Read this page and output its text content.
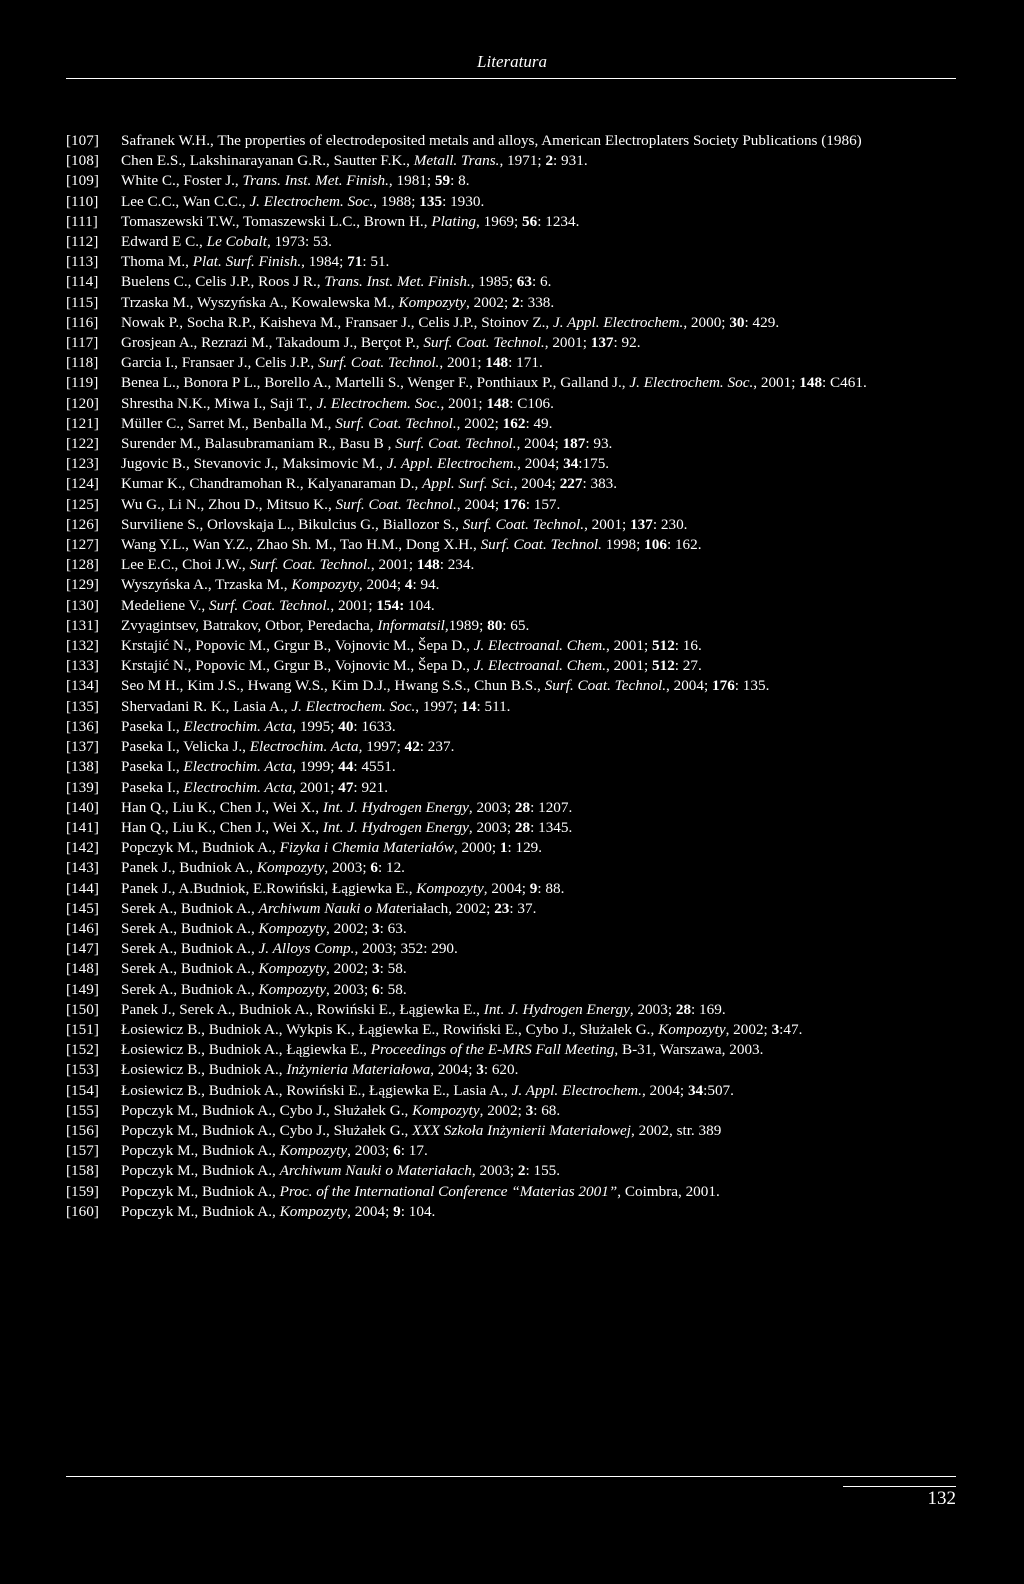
Literatura

[107] Safranek W.H., The properties of electrodeposited metals and alloys, American Electroplaters Society Publications (1986)

[108] Chen E.S., Lakshinarayanan G.R., Sautter F.K., Metall. Trans., 1971; 2: 931.

[109] White C., Foster J., Trans. Inst. Met. Finish., 1981; 59: 8.

[110] Lee C.C., Wan C.C., J. Electrochem. Soc., 1988; 135: 1930.

[111] Tomaszewski T.W., Tomaszewski L.C., Brown H., Plating, 1969; 56: 1234.

[112] Edward E C., Le Cobalt, 1973: 53.

[113] Thoma M., Plat. Surf. Finish., 1984; 71: 51.

[114] Buelens C., Celis J.P., Roos J R., Trans. Inst. Met. Finish., 1985; 63: 6.

[115] Trzaska M., Wyszyńska A., Kowalewska M., Kompozyty, 2002; 2: 338.

[116] Nowak P., Socha R.P., Kaisheva M., Fransaer J., Celis J.P., Stoinov Z., J. Appl. Electrochem., 2000; 30: 429.

[117] Grosjean A., Rezrazi M., Takadoum J., Berçot P., Surf. Coat. Technol., 2001; 137: 92.

[118] Garcia I., Fransaer J., Celis J.P., Surf. Coat. Technol., 2001; 148: 171.

[119] Benea L., Bonora P L., Borello A., Martelli S., Wenger F., Ponthiaux P., Galland J., J. Electrochem. Soc., 2001; 148: C461.

[120] Shrestha N.K., Miwa I., Saji T., J. Electrochem. Soc., 2001; 148: C106.

[121] Müller C., Sarret M., Benballa M., Surf. Coat. Technol., 2002; 162: 49.

[122] Surender M., Balasubramaniam R., Basu B , Surf. Coat. Technol., 2004; 187: 93.

[123] Jugovic B., Stevanovic J., Maksimovic M., J. Appl. Electrochem., 2004; 34:175.

[124] Kumar K., Chandramohan R., Kalyanaraman D., Appl. Surf. Sci., 2004; 227: 383.

[125] Wu G., Li N., Zhou D., Mitsuo K., Surf. Coat. Technol., 2004; 176: 157.

[126] Surviliene S., Orlovskaja L., Bikulcius G., Biallozor S., Surf. Coat. Technol., 2001; 137: 230.

[127] Wang Y.L., Wan Y.Z., Zhao Sh. M., Tao H.M., Dong X.H., Surf. Coat. Technol. 1998; 106: 162.

[128] Lee E.C., Choi J.W., Surf. Coat. Technol., 2001; 148: 234.

[129] Wyszyńska A., Trzaska M., Kompozyty, 2004; 4: 94.

[130] Medeliene V., Surf. Coat. Technol., 2001; 154: 104.

[131] Zvyagintsev, Batrakov, Otbor, Peredacha, Informatsil,1989; 80: 65.

[132] Krstajić N., Popovic M., Grgur B., Vojnovic M., Šepa D., J. Electroanal. Chem., 2001; 512: 16.

[133] Krstajić N., Popovic M., Grgur B., Vojnovic M., Šepa D., J. Electroanal. Chem., 2001; 512: 27.

[134] Seo M H., Kim J.S., Hwang W.S., Kim D.J., Hwang S.S., Chun B.S., Surf. Coat. Technol., 2004; 176: 135.

[135] Shervadani R. K., Lasia A., J. Electrochem. Soc., 1997; 14: 511.

[136] Paseka I., Electrochim. Acta, 1995; 40: 1633.

[137] Paseka I., Velicka J., Electrochim. Acta, 1997; 42: 237.

[138] Paseka I., Electrochim. Acta, 1999; 44: 4551.

[139] Paseka I., Electrochim. Acta, 2001; 47: 921.

[140] Han Q., Liu K., Chen J., Wei X., Int. J. Hydrogen Energy, 2003; 28: 1207.

[141] Han Q., Liu K., Chen J., Wei X., Int. J. Hydrogen Energy, 2003; 28: 1345.

[142] Popczyk M., Budniok A., Fizyka i Chemia Materiałów, 2000; 1: 129.

[143] Panek J., Budniok A., Kompozyty, 2003; 6: 12.

[144] Panek J., A.Budniok, E.Rowiński, Łągiewka E., Kompozyty, 2004; 9: 88.

[145] Serek A., Budniok A., Archiwum Nauki o Materiałach, 2002; 23: 37.

[146] Serek A., Budniok A., Kompozyty, 2002; 3: 63.

[147] Serek A., Budniok A., J. Alloys Comp., 2003; 352: 290.

[148] Serek A., Budniok A., Kompozyty, 2002; 3: 58.

[149] Serek A., Budniok A., Kompozyty, 2003; 6: 58.

[150] Panek J., Serek A., Budniok A., Rowiński E., Łągiewka E., Int. J. Hydrogen Energy, 2003; 28: 169.

[151] Łosiewicz B., Budniok A., Wykpis K., Łągiewka E., Rowiński E., Cybo J., Służałek G., Kompozyty, 2002; 3:47.

[152] Łosiewicz B., Budniok A., Łągiewka E., Proceedings of the E-MRS Fall Meeting, B-31, Warszawa, 2003.

[153] Łosiewicz B., Budniok A., Inżynieria Materiałowa, 2004; 3: 620.

[154] Łosiewicz B., Budniok A., Rowiński E., Łągiewka E., Lasia A., J. Appl. Electrochem., 2004; 34:507.

[155] Popczyk M., Budniok A., Cybo J., Służałek G., Kompozyty, 2002; 3: 68.

[156] Popczyk M., Budniok A., Cybo J., Służałek G., XXX Szkoła Inżynierii Materiałowej, 2002, str. 389

[157] Popczyk M., Budniok A., Kompozyty, 2003; 6: 17.

[158] Popczyk M., Budniok A., Archiwum Nauki o Materiałach, 2003; 2: 155.

[159] Popczyk M., Budniok A., Proc. of the International Conference “Materias 2001”, Coimbra, 2001.

[160] Popczyk M., Budniok A., Kompozyty, 2004; 9: 104.

132
